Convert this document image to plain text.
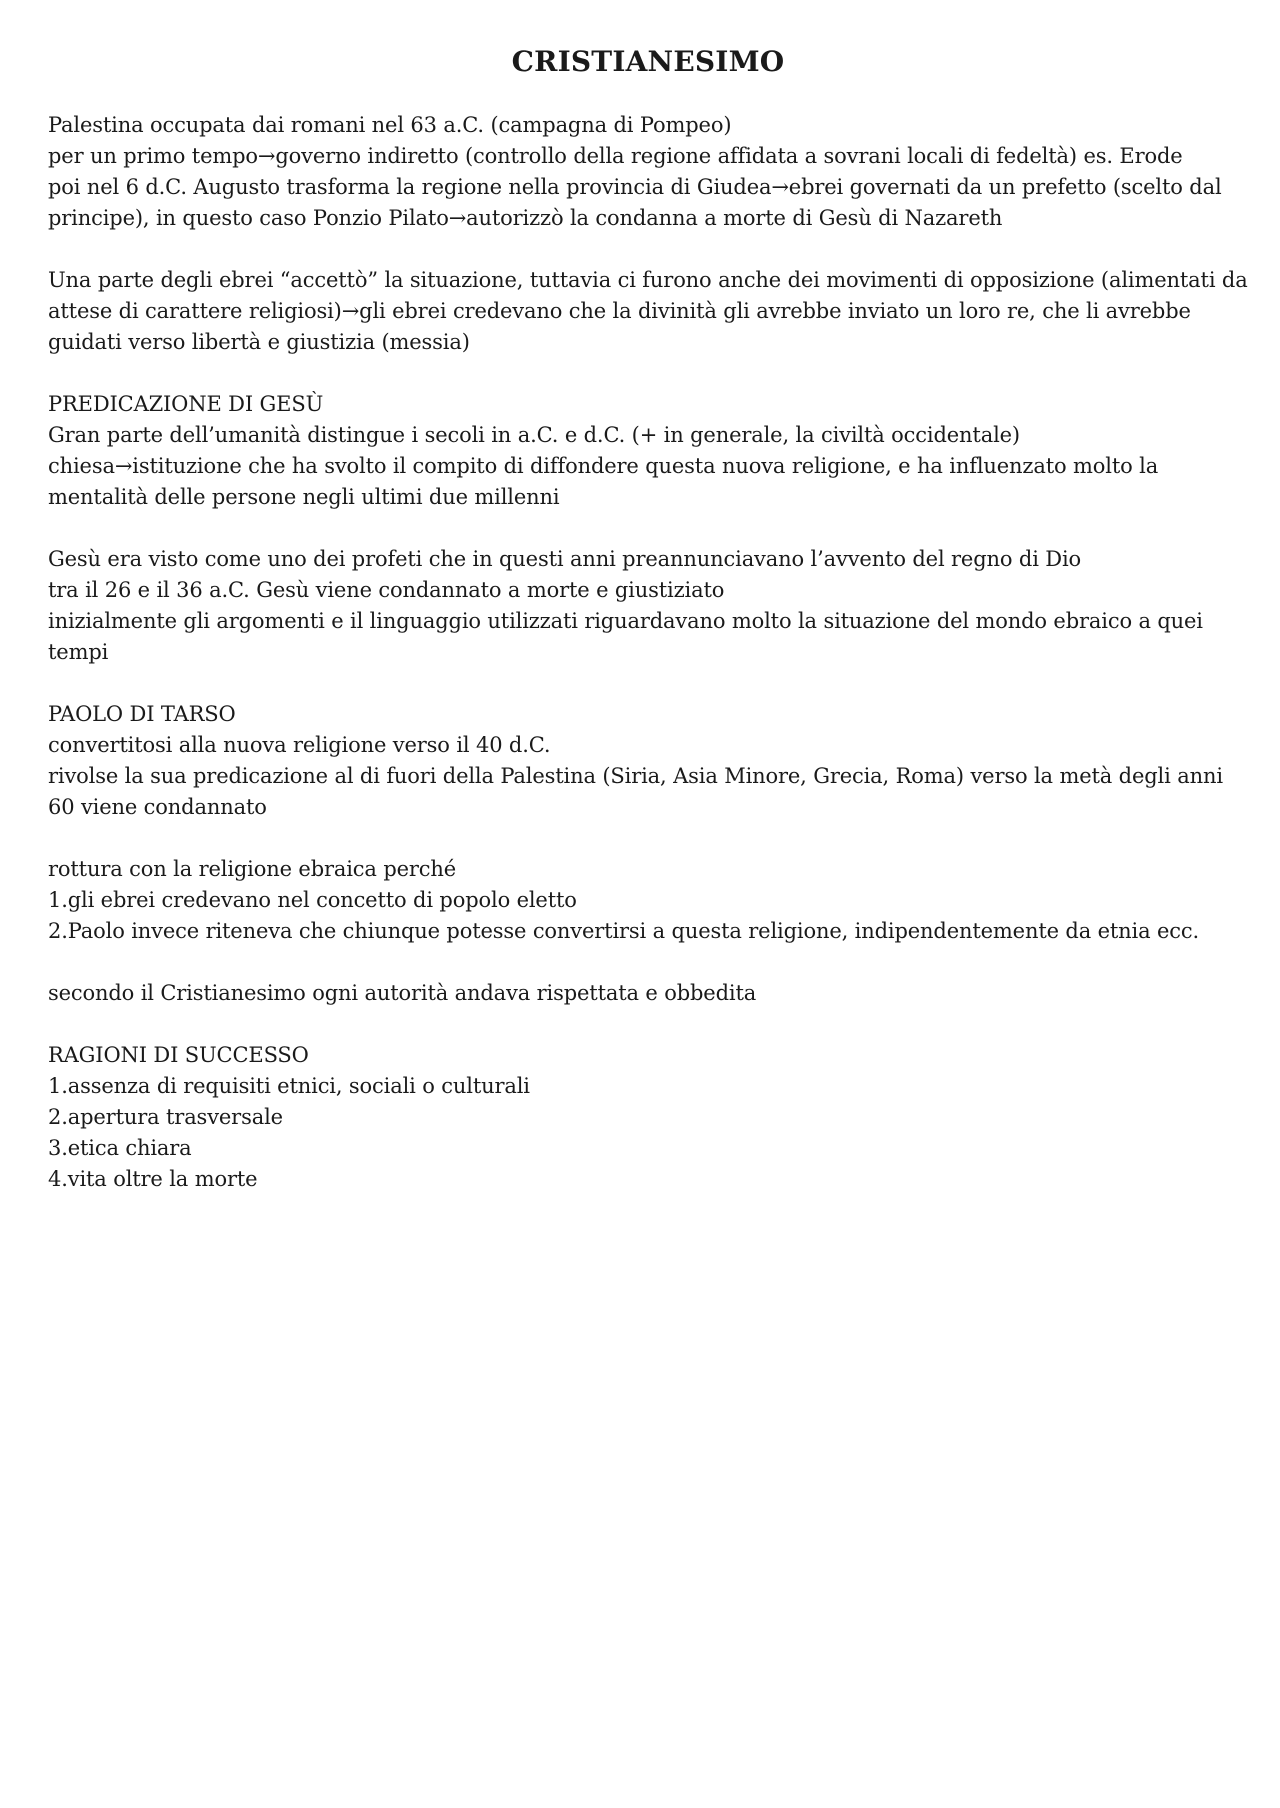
CRISTIANESIMO
Palestina occupata dai romani nel 63 a.C. (campagna di Pompeo)
per un primo tempo→governo indiretto (controllo della regione affidata a sovrani locali di fedeltà) es. Erode
poi nel 6 d.C. Augusto trasforma la regione nella provincia di Giudea→ebrei governati da un prefetto (scelto dal
principe), in questo caso Ponzio Pilato→autorizzò la condanna a morte di Gesù di Nazareth
Una parte degli ebrei “accettò” la situazione, tuttavia ci furono anche dei movimenti di opposizione (alimentati da
attese di carattere religiosi)→gli ebrei credevano che la divinità gli avrebbe inviato un loro re, che li avrebbe
guidati verso libertà e giustizia (messia)
PREDICAZIONE DI GESÙ
Gran parte dell’umanità distingue i secoli in a.C. e d.C. (+ in generale, la civiltà occidentale)
chiesa→istituzione che ha svolto il compito di diffondere questa nuova religione, e ha influenzato molto la
mentalità delle persone negli ultimi due millenni
Gesù era visto come uno dei profeti che in questi anni preannunciavano l’avvento del regno di Dio
tra il 26 e il 36 a.C. Gesù viene condannato a morte e giustiziato
inizialmente gli argomenti e il linguaggio utilizzati riguardavano molto la situazione del mondo ebraico a quei
tempi
PAOLO DI TARSO
convertitosi alla nuova religione verso il 40 d.C.
rivolse la sua predicazione al di fuori della Palestina (Siria, Asia Minore, Grecia, Roma) verso la metà degli anni
60 viene condannato
rottura con la religione ebraica perché
1.gli ebrei credevano nel concetto di popolo eletto
2.Paolo invece riteneva che chiunque potesse convertirsi a questa religione, indipendentemente da etnia ecc.
secondo il Cristianesimo ogni autorità andava rispettata e obbedita
RAGIONI DI SUCCESSO
1.assenza di requisiti etnici, sociali o culturali
2.apertura trasversale
3.etica chiara
4.vita oltre la morte
